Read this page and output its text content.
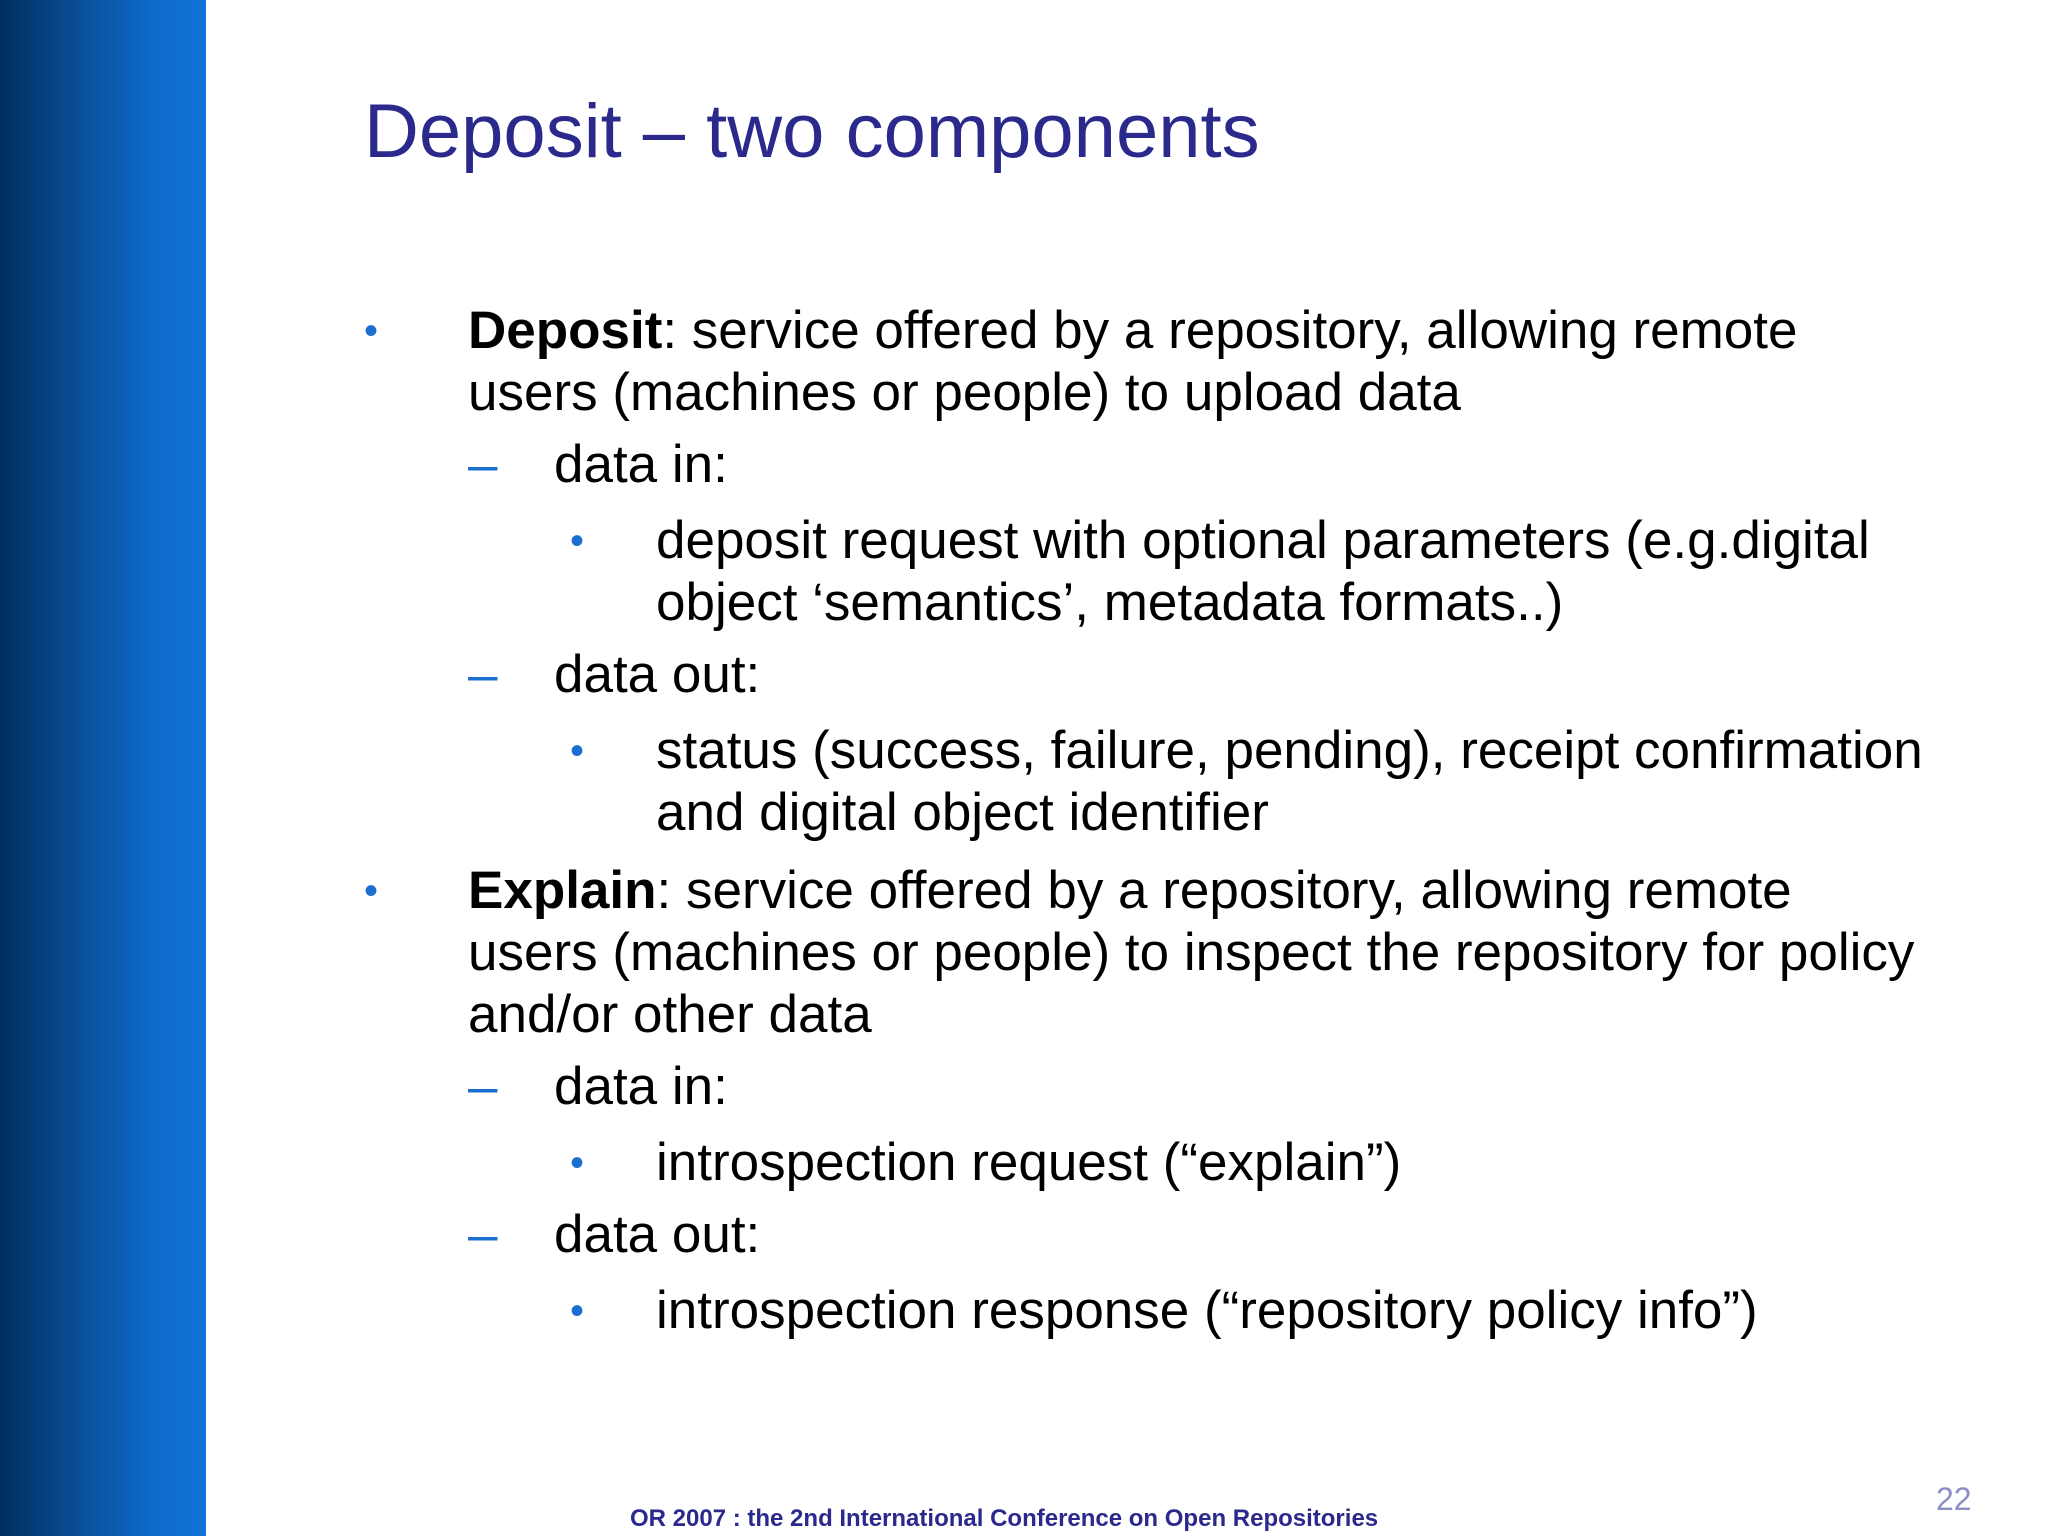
Deposit – two components
• Deposit: service offered by a repository, allowing remote users (machines or people) to upload data
– data in:
• deposit request with optional parameters (e.g.digital object ‘semantics’, metadata formats..)
– data out:
• status (success, failure, pending), receipt confirmation and digital object identifier
• Explain: service offered by a repository, allowing remote users (machines or people) to inspect the repository for policy and/or other data
– data in:
• introspection request (“explain”)
– data out:
• introspection response (“repository policy info”)
OR 2007 : the 2nd International Conference on Open Repositories
22
